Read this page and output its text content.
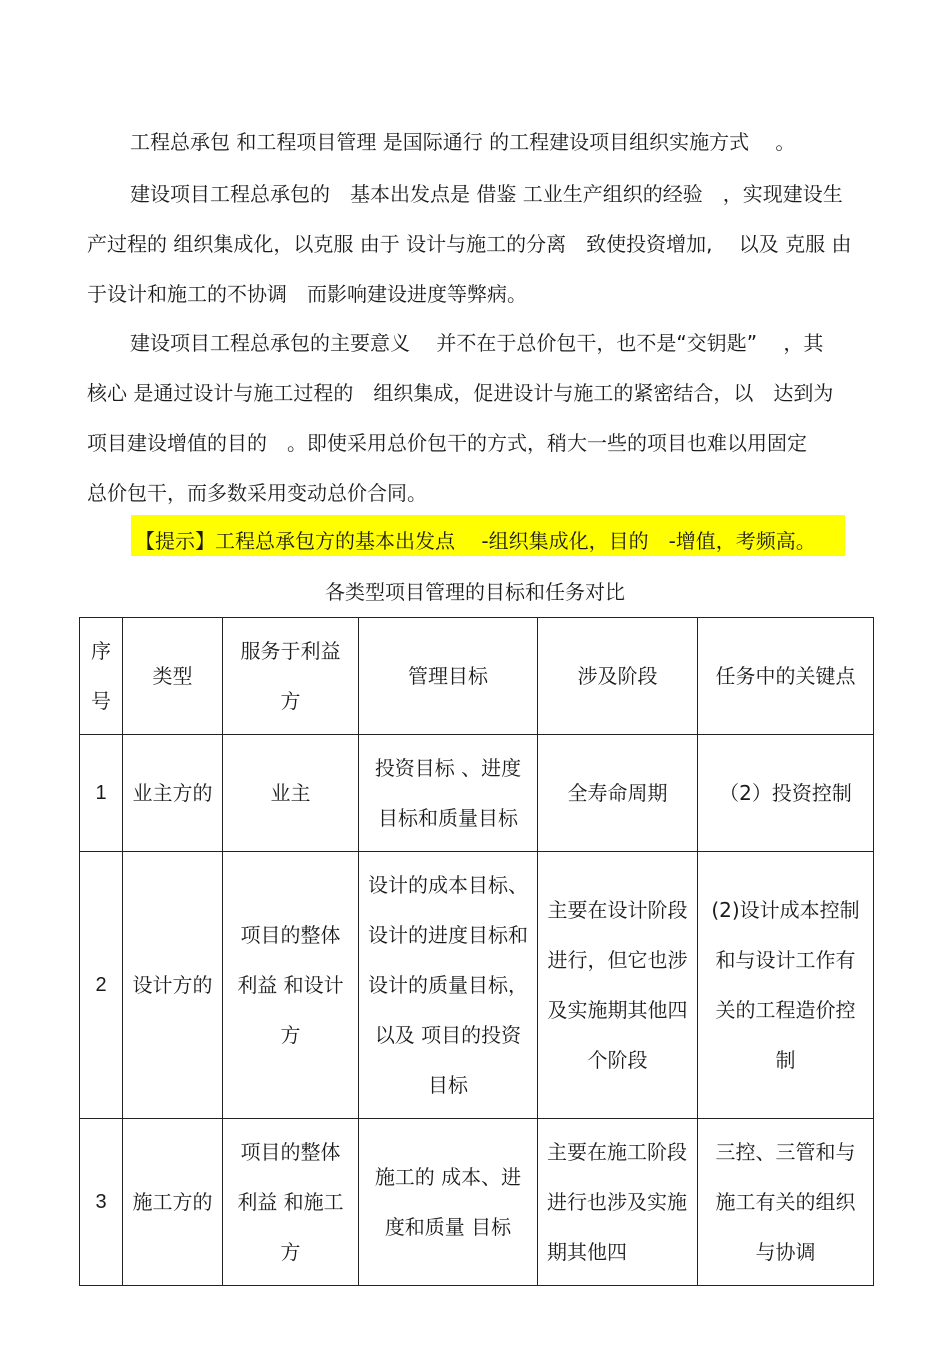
工程总承包 和工程项目管理 是国际通行 的工程建设项目组织实施方式　 。
建设项目工程总承包的　基本出发点是 借鉴 工业生产组织的经验　，实现建设生
产过程的 组织集成化，以克服 由于 设计与施工的分离　致使投资增加,　 以及 克服 由
于设计和施工的不协调　而影响建设进度等弊病。
建设项目工程总承包的主要意义　 并不在于总价包干，也不是“交钥匙”　 ，其
核心 是通过设计与施工过程的　组织集成，促进设计与施工的紧密结合，以　达到为
项目建设增值的目的　。即使采用总价包干的方式，稍大一些的项目也难以用固定
总价包干，而多数采用变动总价合同。
【提示】工程总承包方的基本出发点　 -组织集成化，目的　-增值，考频高。
各类型项目管理的目标和任务对比
序号	类型	服务于利益方	管理目标	涉及阶段	任务中的关键点
1	业主方的	业主	投资目标 、进度目标和质量目标	全寿命周期	（2）投资控制
2	设计方的	项目的整体利益 和设计方	设计的成本目标、设计的进度目标和设计的质量目标，以及 项目的投资目标	主要在设计阶段进行，但它也涉及实施期其他四个阶段	(2)设计成本控制和与设计工作有关的工程造价控制
3	施工方的	项目的整体利益 和施工方	施工的 成本、进度和质量 目标	主要在施工阶段进行也涉及实施期其他四	三控、三管和与施工有关的组织与协调
